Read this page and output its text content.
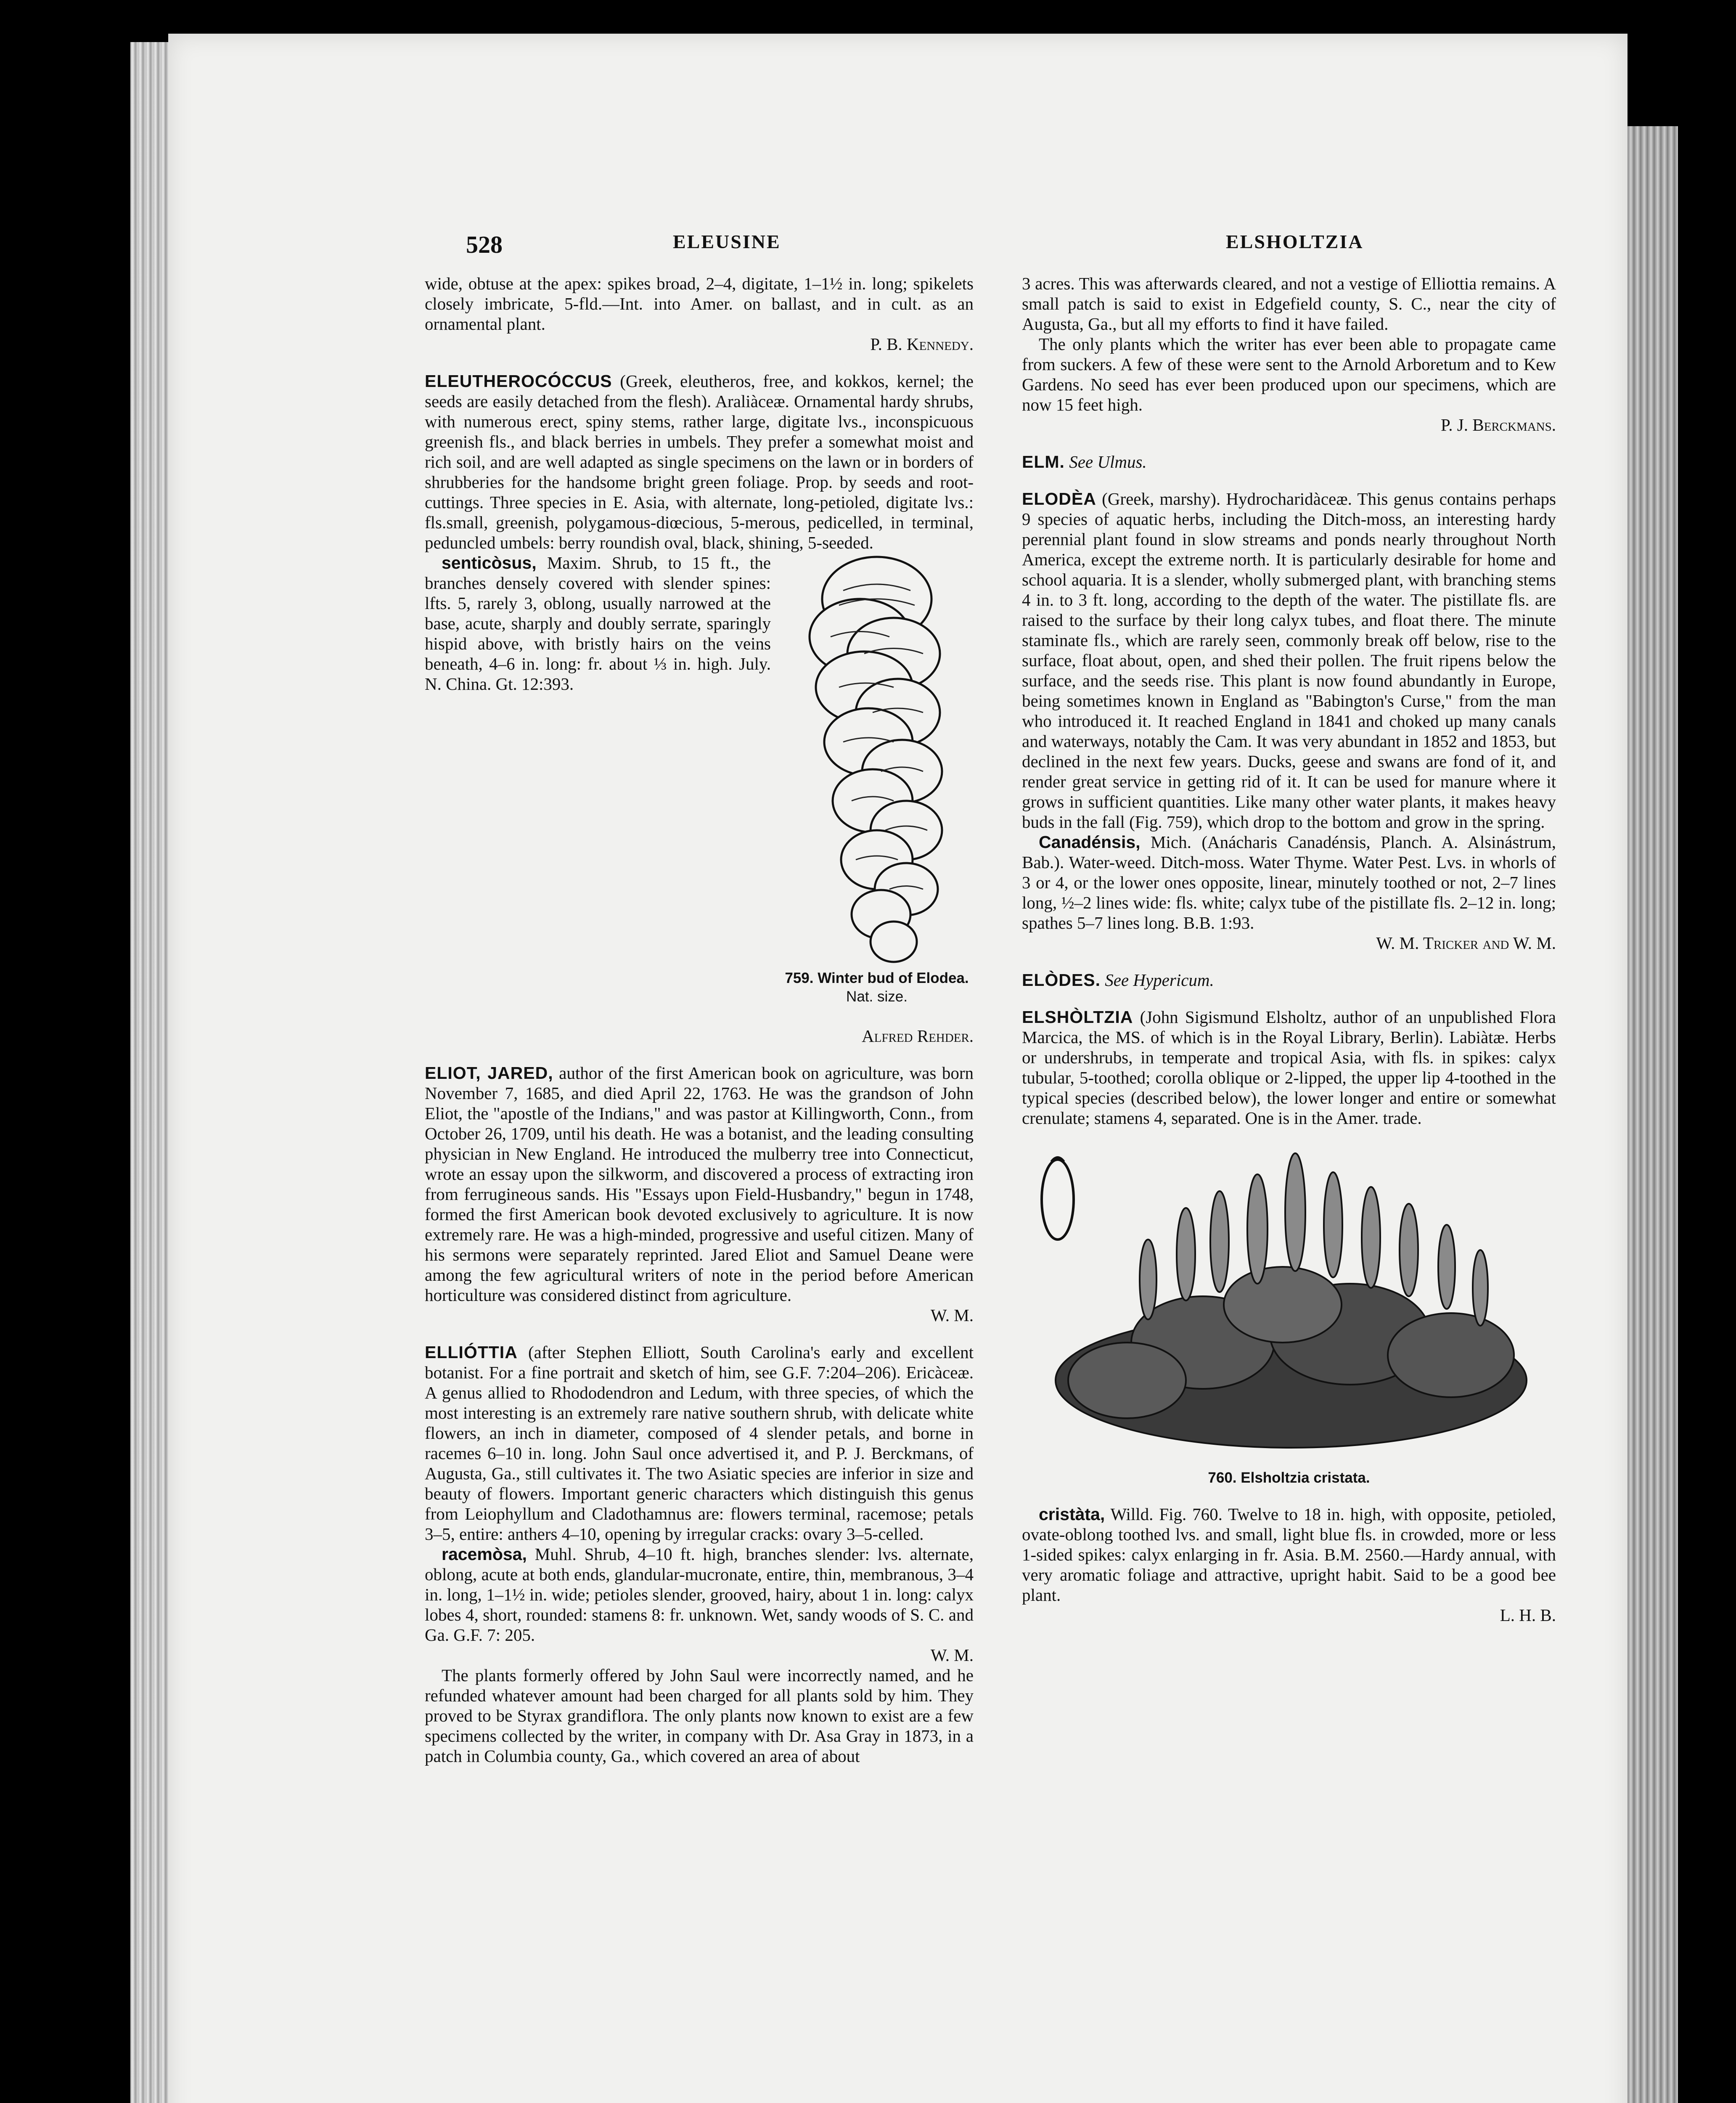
528	ELEUSINE	ELSHOLTZIA

wide, obtuse at the apex: spikes broad, 2–4, digitate, 1–1½ in. long; spikelets closely imbricate, 5-fld.—Int. into Amer. on ballast, and in cult. as an ornamental plant.

P. B. Kennedy.

ELEUTHEROCÓCCUS (Greek, eleutheros, free, and kokkos, kernel; the seeds are easily detached from the flesh). Araliàceæ. Ornamental hardy shrubs, with numerous erect, spiny stems, rather large, digitate lvs., inconspicuous greenish fls., and black berries in umbels. They prefer a somewhat moist and rich soil, and are well adapted as single specimens on the lawn or in borders of shrubberies for the handsome bright green foliage. Prop. by seeds and root-cuttings. Three species in E. Asia, with alternate, long-petioled, digitate lvs.: fls.small, greenish, polygamous-diœcious, 5-merous, pedicelled, in terminal, peduncled umbels: berry roundish oval, black, shining, 5-seeded.

759. Winter bud of Elodea. Nat. size.

senticòsus, Maxim. Shrub, to 15 ft., the branches densely covered with slender spines: lfts. 5, rarely 3, oblong, usually narrowed at the base, acute, sharply and doubly serrate, sparingly hispid above, with bristly hairs on the veins beneath, 4–6 in. long: fr. about ⅓ in. high. July. N. China. Gt. 12:393.

Alfred Rehder.

ELIOT, JARED, author of the first American book on agriculture, was born November 7, 1685, and died April 22, 1763. He was the grandson of John Eliot, the "apostle of the Indians," and was pastor at Killingworth, Conn., from October 26, 1709, until his death. He was a botanist, and the leading consulting physician in New England. He introduced the mulberry tree into Connecticut, wrote an essay upon the silkworm, and discovered a process of extracting iron from ferrugineous sands. His "Essays upon Field-Husbandry," begun in 1748, formed the first American book devoted exclusively to agriculture. It is now extremely rare. He was a high-minded, progressive and useful citizen. Many of his sermons were separately reprinted. Jared Eliot and Samuel Deane were among the few agricultural writers of note in the period before American horticulture was considered distinct from agriculture.

W. M.

ELLIÓTTIA (after Stephen Elliott, South Carolina's early and excellent botanist. For a fine portrait and sketch of him, see G.F. 7:204–206). Ericàceæ. A genus allied to Rhododendron and Ledum, with three species, of which the most interesting is an extremely rare native southern shrub, with delicate white flowers, an inch in diameter, composed of 4 slender petals, and borne in racemes 6–10 in. long. John Saul once advertised it, and P. J. Berckmans, of Augusta, Ga., still cultivates it. The two Asiatic species are inferior in size and beauty of flowers. Important generic characters which distinguish this genus from Leiophyllum and Cladothamnus are: flowers terminal, racemose; petals 3–5, entire: anthers 4–10, opening by irregular cracks: ovary 3–5-celled.

racemòsa, Muhl. Shrub, 4–10 ft. high, branches slender: lvs. alternate, oblong, acute at both ends, glandular-mucronate, entire, thin, membranous, 3–4 in. long, 1–1½ in. wide; petioles slender, grooved, hairy, about 1 in. long: calyx lobes 4, short, rounded: stamens 8: fr. unknown. Wet, sandy woods of S. C. and Ga. G.F. 7: 205.

W. M.

The plants formerly offered by John Saul were incorrectly named, and he refunded whatever amount had been charged for all plants sold by him. They proved to be Styrax grandiflora. The only plants now known to exist are a few specimens collected by the writer, in company with Dr. Asa Gray in 1873, in a patch in Columbia county, Ga., which covered an area of about

3 acres. This was afterwards cleared, and not a vestige of Elliottia remains. A small patch is said to exist in Edgefield county, S. C., near the city of Augusta, Ga., but all my efforts to find it have failed.

The only plants which the writer has ever been able to propagate came from suckers. A few of these were sent to the Arnold Arboretum and to Kew Gardens. No seed has ever been produced upon our specimens, which are now 15 feet high.

P. J. Berckmans.

ELM. See Ulmus.

ELODÈA (Greek, marshy). Hydrocharidàceæ. This genus contains perhaps 9 species of aquatic herbs, including the Ditch-moss, an interesting hardy perennial plant found in slow streams and ponds nearly throughout North America, except the extreme north. It is particularly desirable for home and school aquaria. It is a slender, wholly submerged plant, with branching stems 4 in. to 3 ft. long, according to the depth of the water. The pistillate fls. are raised to the surface by their long calyx tubes, and float there. The minute staminate fls., which are rarely seen, commonly break off below, rise to the surface, float about, open, and shed their pollen. The fruit ripens below the surface, and the seeds rise. This plant is now found abundantly in Europe, being sometimes known in England as "Babington's Curse," from the man who introduced it. It reached England in 1841 and choked up many canals and waterways, notably the Cam. It was very abundant in 1852 and 1853, but declined in the next few years. Ducks, geese and swans are fond of it, and render great service in getting rid of it. It can be used for manure where it grows in sufficient quantities. Like many other water plants, it makes heavy buds in the fall (Fig. 759), which drop to the bottom and grow in the spring.

Canadénsis, Mich. (Anácharis Canadénsis, Planch. A. Alsinástrum, Bab.). Water-weed. Ditch-moss. Water Thyme. Water Pest. Lvs. in whorls of 3 or 4, or the lower ones opposite, linear, minutely toothed or not, 2–7 lines long, ½–2 lines wide: fls. white; calyx tube of the pistillate fls. 2–12 in. long; spathes 5–7 lines long. B.B. 1:93.

W. M. Tricker and W. M.

ELÒDES. See Hypericum.

ELSHÒLTZIA (John Sigismund Elsholtz, author of an unpublished Flora Marcica, the MS. of which is in the Royal Library, Berlin). Labiàtæ. Herbs or undershrubs, in temperate and tropical Asia, with fls. in spikes: calyx tubular, 5-toothed; corolla oblique or 2-lipped, the upper lip 4-toothed in the typical species (described below), the lower longer and entire or somewhat crenulate; stamens 4, separated. One is in the Amer. trade.

760. Elsholtzia cristata.

cristàta, Willd. Fig. 760. Twelve to 18 in. high, with opposite, petioled, ovate-oblong toothed lvs. and small, light blue fls. in crowded, more or less 1-sided spikes: calyx enlarging in fr. Asia. B.M. 2560.—Hardy annual, with very aromatic foliage and attractive, upright habit. Said to be a good bee plant.

L. H. B.
